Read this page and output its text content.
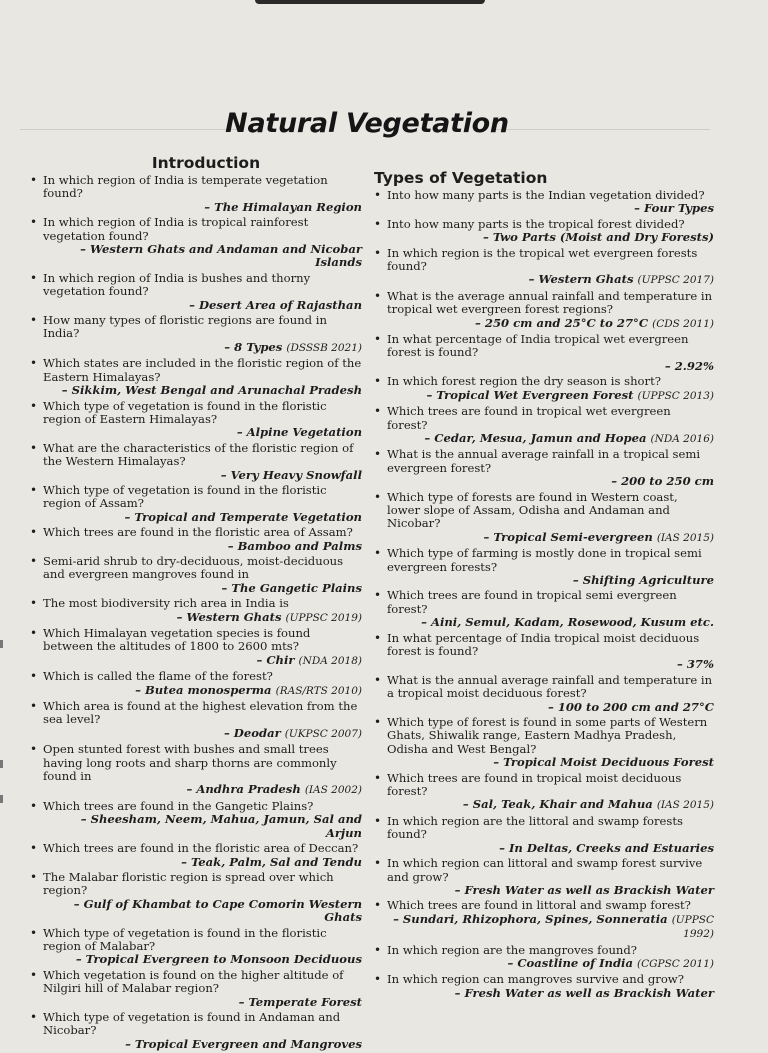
Natural Vegetation
Introduction
• In which region of India is temperate vegetation found?
– The Himalayan Region
• In which region of India is tropical rainforest vegetation found?
– Western Ghats and Andaman and Nicobar Islands
• In which region of India is bushes and thorny vegetation found?
– Desert Area of Rajasthan
• How many types of floristic regions are found in India?
– 8 Types (DSSSB 2021)
• Which states are included in the floristic region of the Eastern Himalayas?
– Sikkim, West Bengal and Arunachal Pradesh
• Which type of vegetation is found in the floristic region of Eastern Himalayas?
– Alpine Vegetation
• What are the characteristics of the floristic region of the Western Himalayas?
– Very Heavy Snowfall
• Which type of vegetation is found in the floristic region of Assam?
– Tropical and Temperate Vegetation
• Which trees are found in the floristic area of Assam?
– Bamboo and Palms
• Semi-arid shrub to dry-deciduous, moist-deciduous and evergreen mangroves found in
– The Gangetic Plains
• The most biodiversity rich area in India is
– Western Ghats (UPPSC 2019)
• Which Himalayan vegetation species is found between the altitudes of 1800 to 2600 mts?
– Chir (NDA 2018)
• Which is called the flame of the forest?
– Butea monosperma (RAS/RTS 2010)
• Which area is found at the highest elevation from the sea level?
– Deodar (UKPSC 2007)
• Open stunted forest with bushes and small trees having long roots and sharp thorns are commonly found in
– Andhra Pradesh (IAS 2002)
• Which trees are found in the Gangetic Plains?
– Sheesham, Neem, Mahua, Jamun, Sal and Arjun
• Which trees are found in the floristic area of Deccan?
– Teak, Palm, Sal and Tendu
• The Malabar floristic region is spread over which region?
– Gulf of Khambat to Cape Comorin Western Ghats
• Which type of vegetation is found in the floristic region of Malabar?
– Tropical Evergreen to Monsoon Deciduous
• Which vegetation is found on the higher altitude of Nilgiri hill of Malabar region?
– Temperate Forest
• Which type of vegetation is found in Andaman and Nicobar?
– Tropical Evergreen and Mangroves
Types of Vegetation
• Into how many parts is the Indian vegetation divided?
– Four Types
• Into how many parts is the tropical forest divided?
– Two Parts (Moist and Dry Forests)
• In which region is the tropical wet evergreen forests found?
– Western Ghats (UPPSC 2017)
• What is the average annual rainfall and temperature in tropical wet evergreen forest regions?
– 250 cm and 25°C to 27°C (CDS 2011)
• In what percentage of India tropical wet evergreen forest is found?
– 2.92%
• In which forest region the dry season is short?
– Tropical Wet Evergreen Forest (UPPSC 2013)
• Which trees are found in tropical wet evergreen forest?
– Cedar, Mesua, Jamun and Hopea (NDA 2016)
• What is the annual average rainfall in a tropical semi evergreen forest?
– 200 to 250 cm
• Which type of forests are found in Western coast, lower slope of Assam, Odisha and Andaman and Nicobar?
– Tropical Semi-evergreen (IAS 2015)
• Which type of farming is mostly done in tropical semi evergreen forests?
– Shifting Agriculture
• Which trees are found in tropical semi evergreen forest?
– Aini, Semul, Kadam, Rosewood, Kusum etc.
• In what percentage of India tropical moist deciduous forest is found?
– 37%
• What is the annual average rainfall and temperature in a tropical moist deciduous forest?
– 100 to 200 cm and 27°C
• Which type of forest is found in some parts of Western Ghats, Shiwalik range, Eastern Madhya Pradesh, Odisha and West Bengal?
– Tropical Moist Deciduous Forest
• Which trees are found in tropical moist deciduous forest?
– Sal, Teak, Khair and Mahua (IAS 2015)
• In which region are the littoral and swamp forests found?
– In Deltas, Creeks and Estuaries
• In which region can littoral and swamp forest survive and grow?
– Fresh Water as well as Brackish Water
• Which trees are found in littoral and swamp forest?
– Sundari, Rhizophora, Spines, Sonneratia (UPPSC 1992)
• In which region are the mangroves found?
– Coastline of India (CGPSC 2011)
• In which region can mangroves survive and grow?
– Fresh Water as well as Brackish Water
